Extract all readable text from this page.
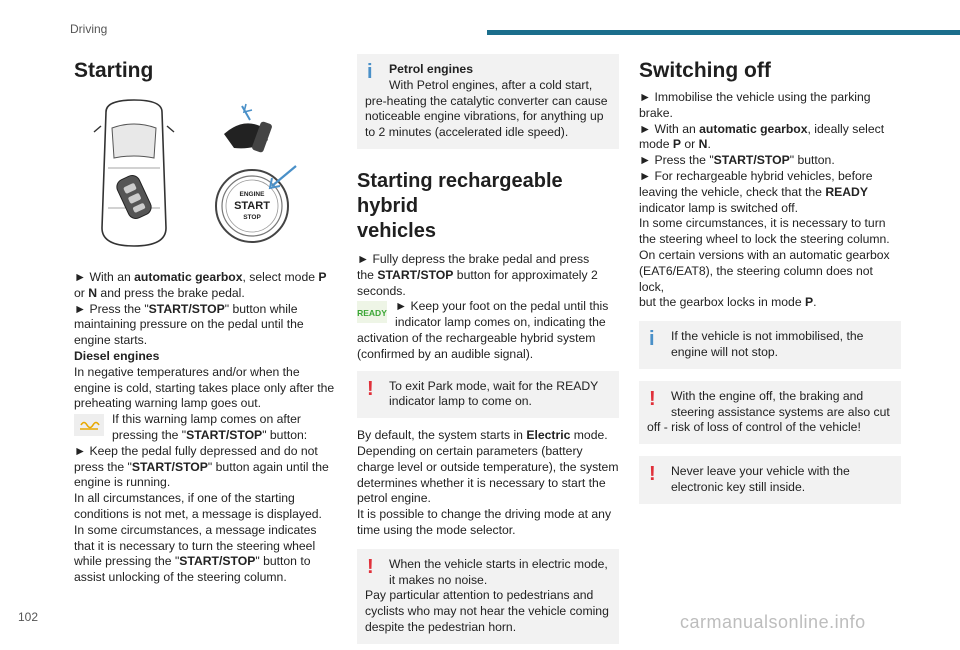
Driving
Starting
ENGINE
START
STOP

► With an automatic gearbox, select mode P

or N and press the brake pedal.

► Press the "START/STOP" button while

maintaining pressure on the pedal until the

engine starts.

Diesel engines

In negative temperatures and/or when the

engine is cold, starting takes place only after the

preheating warning lamp goes out.

If this warning lamp comes on after

pressing the "START/STOP" button:

► Keep the pedal fully depressed and do not

press the "START/STOP" button again until the

engine is running.

In all circumstances, if one of the starting

conditions is not met, a message is displayed.

In some circumstances, a message indicates

that it is necessary to turn the steering wheel

while pressing the "START/STOP" button to

assist unlocking of the steering column.

i Petrol engines

With Petrol engines, after a cold start,

pre-heating the catalytic converter can cause

noticeable engine vibrations, for anything up

to 2 minutes (accelerated idle speed).

Starting rechargeable hybrid
vehicles

► Fully depress the brake pedal and press

the START/STOP button for approximately 2

seconds.

READY ► Keep your foot on the pedal until this

indicator lamp comes on, indicating the

activation of the rechargeable hybrid system

(confirmed by an audible signal).

! To exit Park mode, wait for the READY

indicator lamp to come on.

By default, the system starts in Electric mode.

Depending on certain parameters (battery

charge level or outside temperature), the system

determines whether it is necessary to start the

petrol engine.

It is possible to change the driving mode at any

time using the mode selector.

! When the vehicle starts in electric mode,

it makes no noise.

Pay particular attention to pedestrians and

cyclists who may not hear the vehicle coming

despite the pedestrian horn.

Switching off

► Immobilise the vehicle using the parking

brake.

► With an automatic gearbox, ideally select

mode P or N.

► Press the "START/STOP" button.

► For rechargeable hybrid vehicles, before

leaving the vehicle, check that the READY

indicator lamp is switched off.

In some circumstances, it is necessary to turn

the steering wheel to lock the steering column.

On certain versions with an automatic gearbox

(EAT6/EAT8), the steering column does not lock,

but the gearbox locks in mode P.

i If the vehicle is not immobilised, the

engine will not stop.

! With the engine off, the braking and

steering assistance systems are also cut

off - risk of loss of control of the vehicle!

! Never leave your vehicle with the

electronic key still inside.

102	carmanualsonline.info
